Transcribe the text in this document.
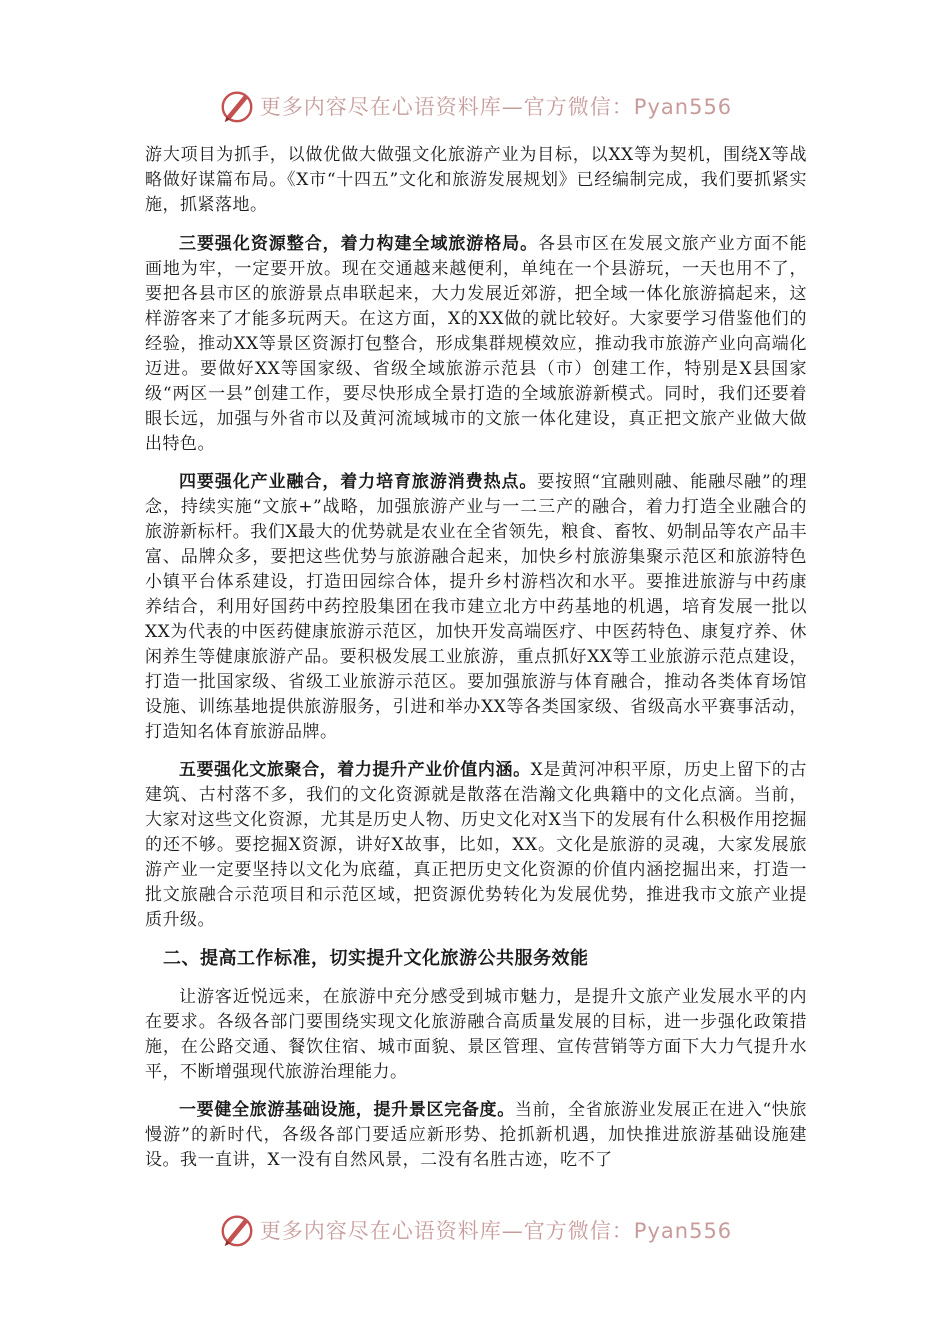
更多内容尽在心语资料库—官方微信：Pyan556

游大项目为抓手，以做优做大做强文化旅游产业为目标，以XX等为契机，围绕X等战略做好谋篇布局。《X市“十四五”文化和旅游发展规划》已经编制完成，我们要抓紧实施，抓紧落地。

三要强化资源整合，着力构建全域旅游格局。各县市区在发展文旅产业方面不能画地为牢，一定要开放。现在交通越来越便利，单纯在一个县游玩，一天也用不了，要把各县市区的旅游景点串联起来，大力发展近郊游，把全域一体化旅游搞起来，这样游客来了才能多玩两天。在这方面，X的XX做的就比较好。大家要学习借鉴他们的经验，推动XX等景区资源打包整合，形成集群规模效应，推动我市旅游产业向高端化迈进。要做好XX等国家级、省级全域旅游示范县（市）创建工作，特别是X县国家级“两区一县”创建工作，要尽快形成全景打造的全域旅游新模式。同时，我们还要着眼长远，加强与外省市以及黄河流域城市的文旅一体化建设，真正把文旅产业做大做出特色。

四要强化产业融合，着力培育旅游消费热点。要按照“宜融则融、能融尽融”的理念，持续实施“文旅+”战略，加强旅游产业与一二三产的融合，着力打造全业融合的旅游新标杆。我们X最大的优势就是农业在全省领先，粮食、畜牧、奶制品等农产品丰富、品牌众多，要把这些优势与旅游融合起来，加快乡村旅游集聚示范区和旅游特色小镇平台体系建设，打造田园综合体，提升乡村游档次和水平。要推进旅游与中药康养结合，利用好国药中药控股集团在我市建立北方中药基地的机遇，培育发展一批以XX为代表的中医药健康旅游示范区，加快开发高端医疗、中医药特色、康复疗养、休闲养生等健康旅游产品。要积极发展工业旅游，重点抓好XX等工业旅游示范点建设，打造一批国家级、省级工业旅游示范区。要加强旅游与体育融合，推动各类体育场馆设施、训练基地提供旅游服务，引进和举办XX等各类国家级、省级高水平赛事活动，打造知名体育旅游品牌。

五要强化文旅聚合，着力提升产业价值内涵。X是黄河冲积平原，历史上留下的古建筑、古村落不多，我们的文化资源就是散落在浩瀚文化典籍中的文化点滴。当前，大家对这些文化资源，尤其是历史人物、历史文化对X当下的发展有什么积极作用挖掘的还不够。要挖掘X资源，讲好X故事，比如，XX。文化是旅游的灵魂，大家发展旅游产业一定要坚持以文化为底蕴，真正把历史文化资源的价值内涵挖掘出来，打造一批文旅融合示范项目和示范区域，把资源优势转化为发展优势，推进我市文旅产业提质升级。

二、提高工作标准，切实提升文化旅游公共服务效能

让游客近悦远来，在旅游中充分感受到城市魅力，是提升文旅产业发展水平的内在要求。各级各部门要围绕实现文化旅游融合高质量发展的目标，进一步强化政策措施，在公路交通、餐饮住宿、城市面貌、景区管理、宣传营销等方面下大力气提升水平，不断增强现代旅游治理能力。

一要健全旅游基础设施，提升景区完备度。当前，全省旅游业发展正在进入“快旅慢游”的新时代，各级各部门要适应新形势、抢抓新机遇，加快推进旅游基础设施建设。我一直讲，X一没有自然风景，二没有名胜古迹，吃不了

更多内容尽在心语资料库—官方微信：Pyan556
